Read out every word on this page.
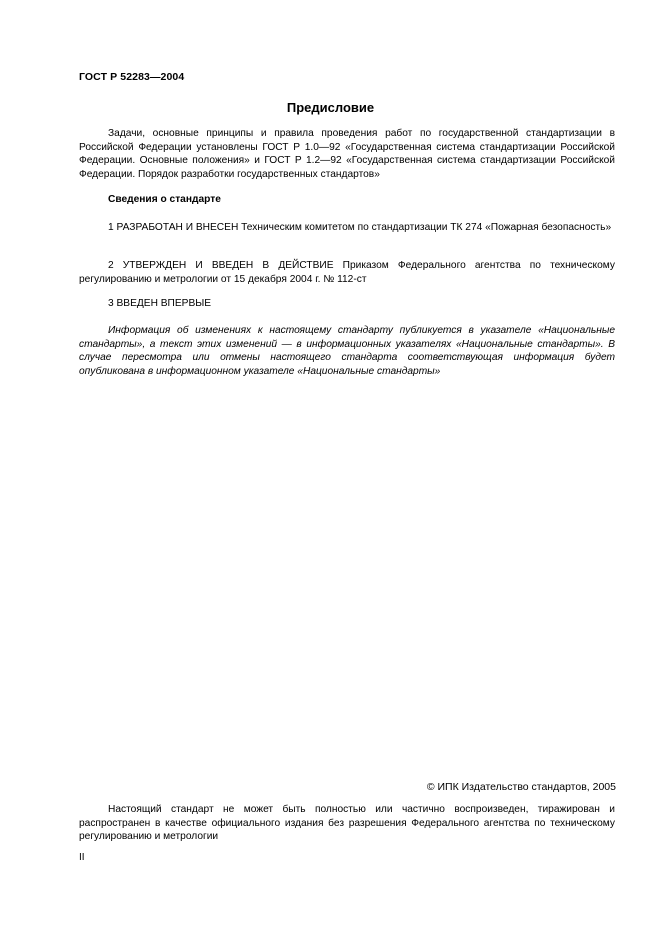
ГОСТ Р 52283—2004
Предисловие

Задачи, основные принципы и правила проведения работ по государственной стандартизации в Российской Федерации установлены ГОСТ Р 1.0—92 «Государственная система стандартизации Российской Федерации. Основные положения» и ГОСТ Р 1.2—92 «Государственная система стандартизации Российской Федерации. Порядок разработки государственных стандартов»

Сведения о стандарте

1 РАЗРАБОТАН И ВНЕСЕН Техническим комитетом по стандартизации ТК 274 «Пожарная безопасность»

2 УТВЕРЖДЕН И ВВЕДЕН В ДЕЙСТВИЕ Приказом Федерального агентства по техническому регулированию и метрологии от 15 декабря 2004 г. № 112-ст

3 ВВЕДЕН ВПЕРВЫЕ

Информация об изменениях к настоящему стандарту публикуется в указателе «Национальные стандарты», а текст этих изменений — в информационных указателях «Национальные стандарты». В случае пересмотра или отмены настоящего стандарта соответствующая информация будет опубликована в информационном указателе «Национальные стандарты»

© ИПК Издательство стандартов, 2005

Настоящий стандарт не может быть полностью или частично воспроизведен, тиражирован и распространен в качестве официального издания без разрешения Федерального агентства по техническому регулированию и метрологии

II
